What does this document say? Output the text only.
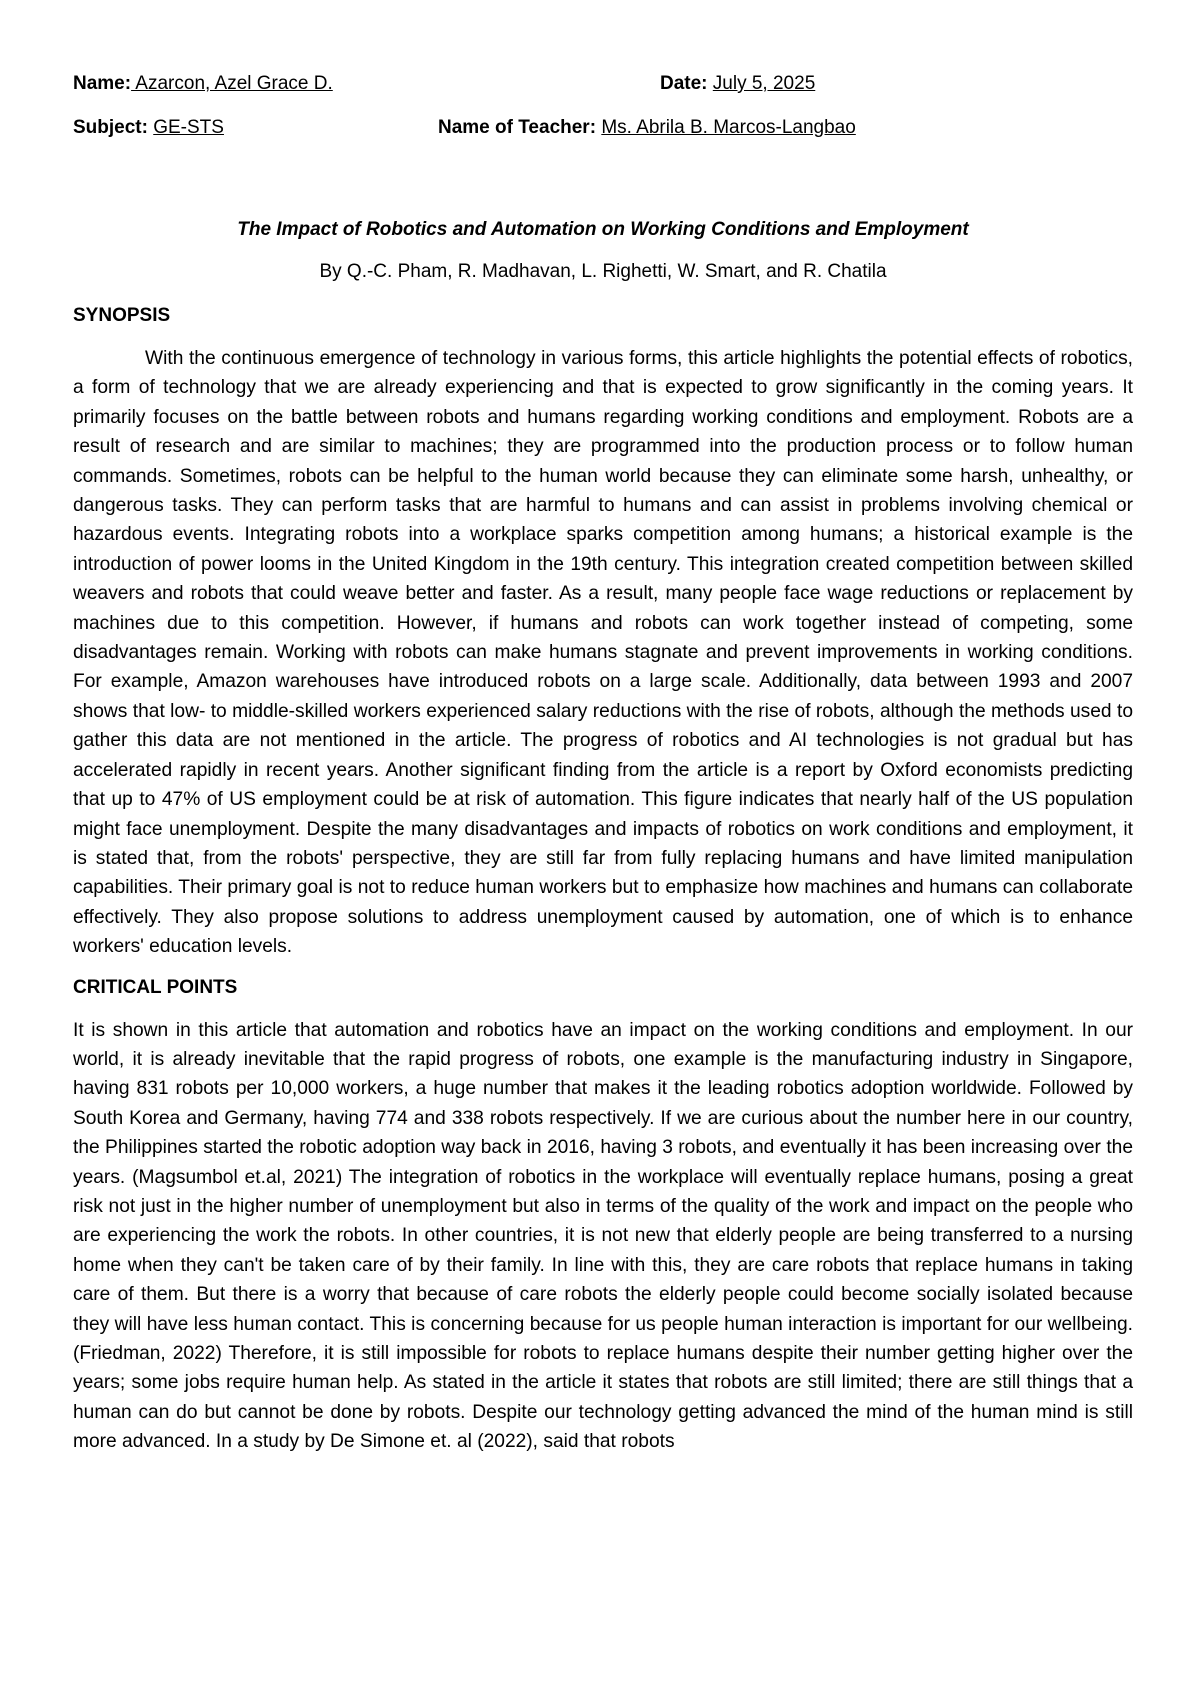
Name: Azarcon, Azel Grace D.	Date: July 5, 2025
Subject: GE-STS	Name of Teacher: Ms. Abrila B. Marcos-Langbao
The Impact of Robotics and Automation on Working Conditions and Employment
By Q.-C. Pham, R. Madhavan, L. Righetti, W. Smart, and R. Chatila
SYNOPSIS
With the continuous emergence of technology in various forms, this article highlights the potential effects of robotics, a form of technology that we are already experiencing and that is expected to grow significantly in the coming years. It primarily focuses on the battle between robots and humans regarding working conditions and employment. Robots are a result of research and are similar to machines; they are programmed into the production process or to follow human commands. Sometimes, robots can be helpful to the human world because they can eliminate some harsh, unhealthy, or dangerous tasks. They can perform tasks that are harmful to humans and can assist in problems involving chemical or hazardous events. Integrating robots into a workplace sparks competition among humans; a historical example is the introduction of power looms in the United Kingdom in the 19th century. This integration created competition between skilled weavers and robots that could weave better and faster. As a result, many people face wage reductions or replacement by machines due to this competition. However, if humans and robots can work together instead of competing, some disadvantages remain. Working with robots can make humans stagnate and prevent improvements in working conditions. For example, Amazon warehouses have introduced robots on a large scale. Additionally, data between 1993 and 2007 shows that low- to middle-skilled workers experienced salary reductions with the rise of robots, although the methods used to gather this data are not mentioned in the article. The progress of robotics and AI technologies is not gradual but has accelerated rapidly in recent years. Another significant finding from the article is a report by Oxford economists predicting that up to 47% of US employment could be at risk of automation. This figure indicates that nearly half of the US population might face unemployment. Despite the many disadvantages and impacts of robotics on work conditions and employment, it is stated that, from the robots' perspective, they are still far from fully replacing humans and have limited manipulation capabilities. Their primary goal is not to reduce human workers but to emphasize how machines and humans can collaborate effectively. They also propose solutions to address unemployment caused by automation, one of which is to enhance workers' education levels.
CRITICAL POINTS
It is shown in this article that automation and robotics have an impact on the working conditions and employment. In our world, it is already inevitable that the rapid progress of robots, one example is the manufacturing industry in Singapore, having 831 robots per 10,000 workers, a huge number that makes it the leading robotics adoption worldwide. Followed by South Korea and Germany, having 774 and 338 robots respectively. If we are curious about the number here in our country, the Philippines started the robotic adoption way back in 2016, having 3 robots, and eventually it has been increasing over the years. (Magsumbol et.al, 2021) The integration of robotics in the workplace will eventually replace humans, posing a great risk not just in the higher number of unemployment but also in terms of the quality of the work and impact on the people who are experiencing the work the robots. In other countries, it is not new that elderly people are being transferred to a nursing home when they can't be taken care of by their family. In line with this, they are care robots that replace humans in taking care of them. But there is a worry that because of care robots the elderly people could become socially isolated because they will have less human contact. This is concerning because for us people human interaction is important for our wellbeing. (Friedman, 2022) Therefore, it is still impossible for robots to replace humans despite their number getting higher over the years; some jobs require human help. As stated in the article it states that robots are still limited; there are still things that a human can do but cannot be done by robots. Despite our technology getting advanced the mind of the human mind is still more advanced. In a study by De Simone et. al (2022), said that robots
